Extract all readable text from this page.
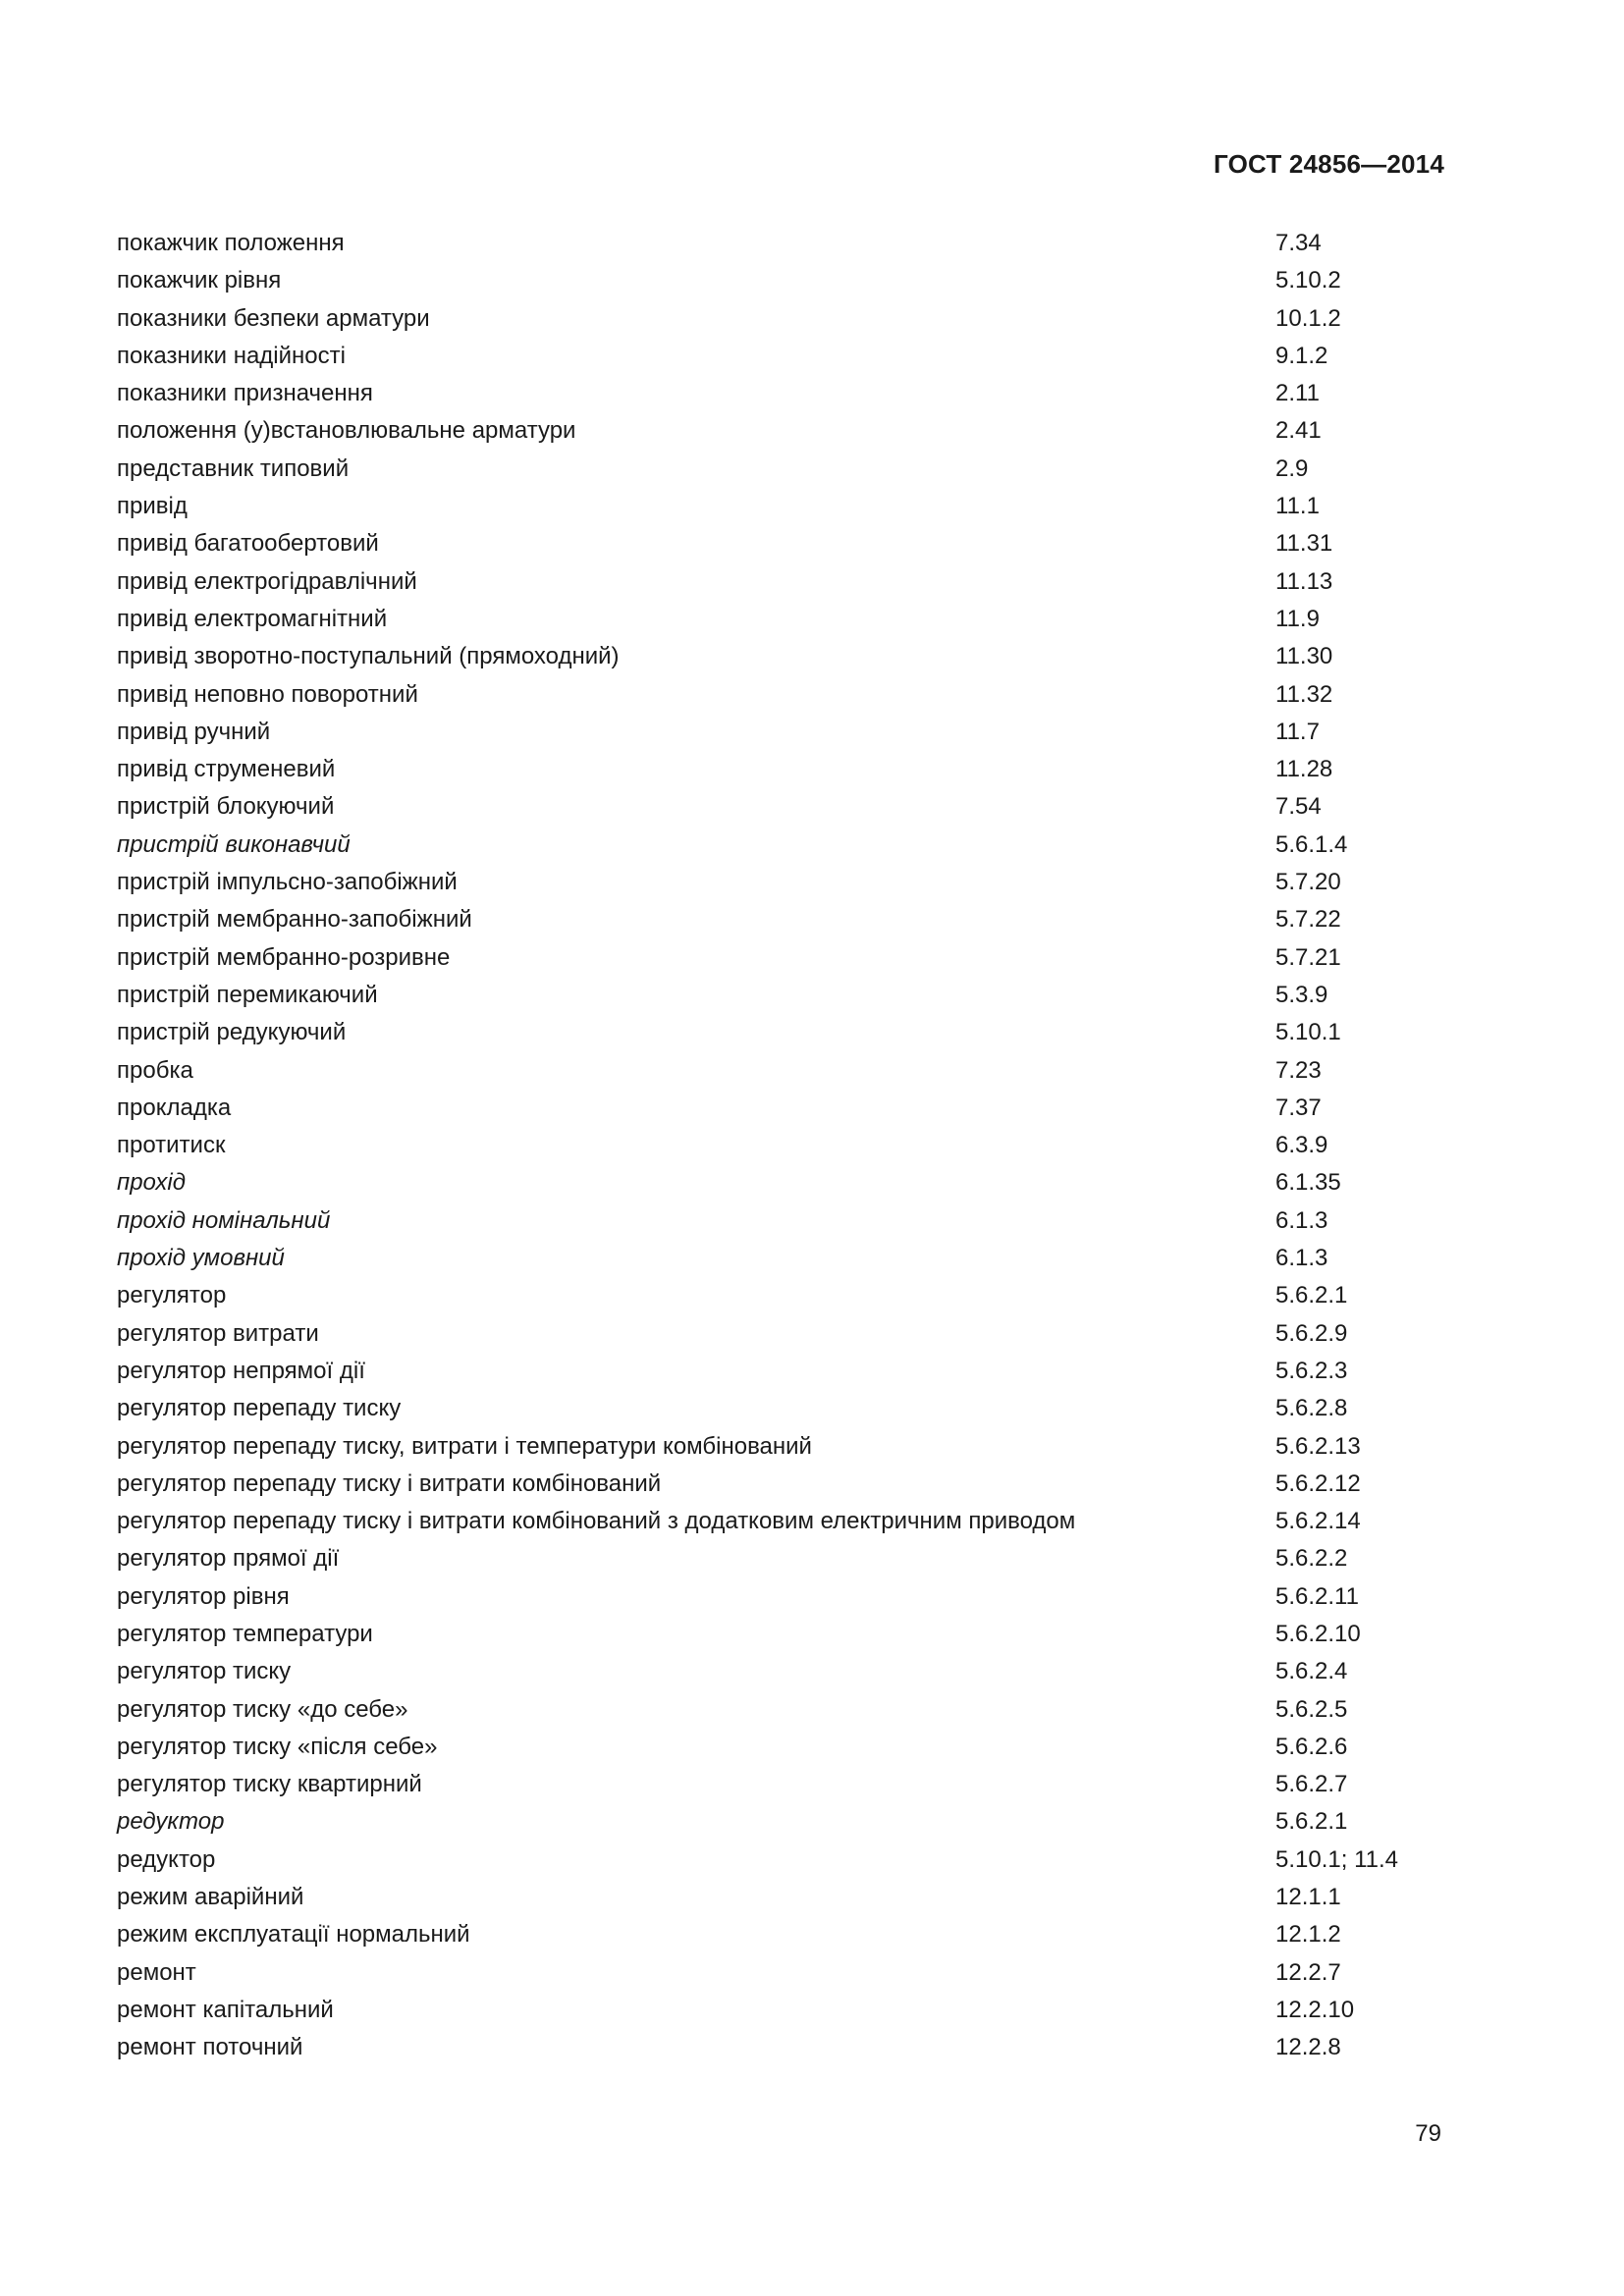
ГОСТ 24856—2014
покажчик положення	7.34
покажчик рівня	5.10.2
показники безпеки арматури	10.1.2
показники надійності	9.1.2
показники призначення	2.11
положення (у)встановлювальне арматури	2.41
представник типовий	2.9
привід	11.1
привід багатообертовий	11.31
привід електрогідравлічний	11.13
привід електромагнітний	11.9
привід зворотно-поступальний (прямоходний)	11.30
привід неповно поворотний	11.32
привід ручний	11.7
привід струменевий	11.28
пристрій блокуючий	7.54
пристрій виконавчий	5.6.1.4
пристрій імпульсно-запобіжний	5.7.20
пристрій мембранно-запобіжний	5.7.22
пристрій мембранно-розривне	5.7.21
пристрій перемикаючий	5.3.9
пристрій редукуючий	5.10.1
пробка	7.23
прокладка	7.37
протитиск	6.3.9
прохід	6.1.35
прохід номінальний	6.1.3
прохід умовний	6.1.3
регулятор	5.6.2.1
регулятор витрати	5.6.2.9
регулятор непрямої дії	5.6.2.3
регулятор перепаду тиску	5.6.2.8
регулятор перепаду тиску, витрати і температури комбінований	5.6.2.13
регулятор перепаду тиску і витрати комбінований	5.6.2.12
регулятор перепаду тиску і витрати комбінований з додатковим електричним приводом	5.6.2.14
регулятор прямої дії	5.6.2.2
регулятор рівня	5.6.2.11
регулятор температури	5.6.2.10
регулятор тиску	5.6.2.4
регулятор тиску «до себе»	5.6.2.5
регулятор тиску «після себе»	5.6.2.6
регулятор тиску квартирний	5.6.2.7
редуктор	5.6.2.1
редуктор	5.10.1; 11.4
режим аварійний	12.1.1
режим експлуатації нормальний	12.1.2
ремонт	12.2.7
ремонт капітальний	12.2.10
ремонт поточний	12.2.8
79
